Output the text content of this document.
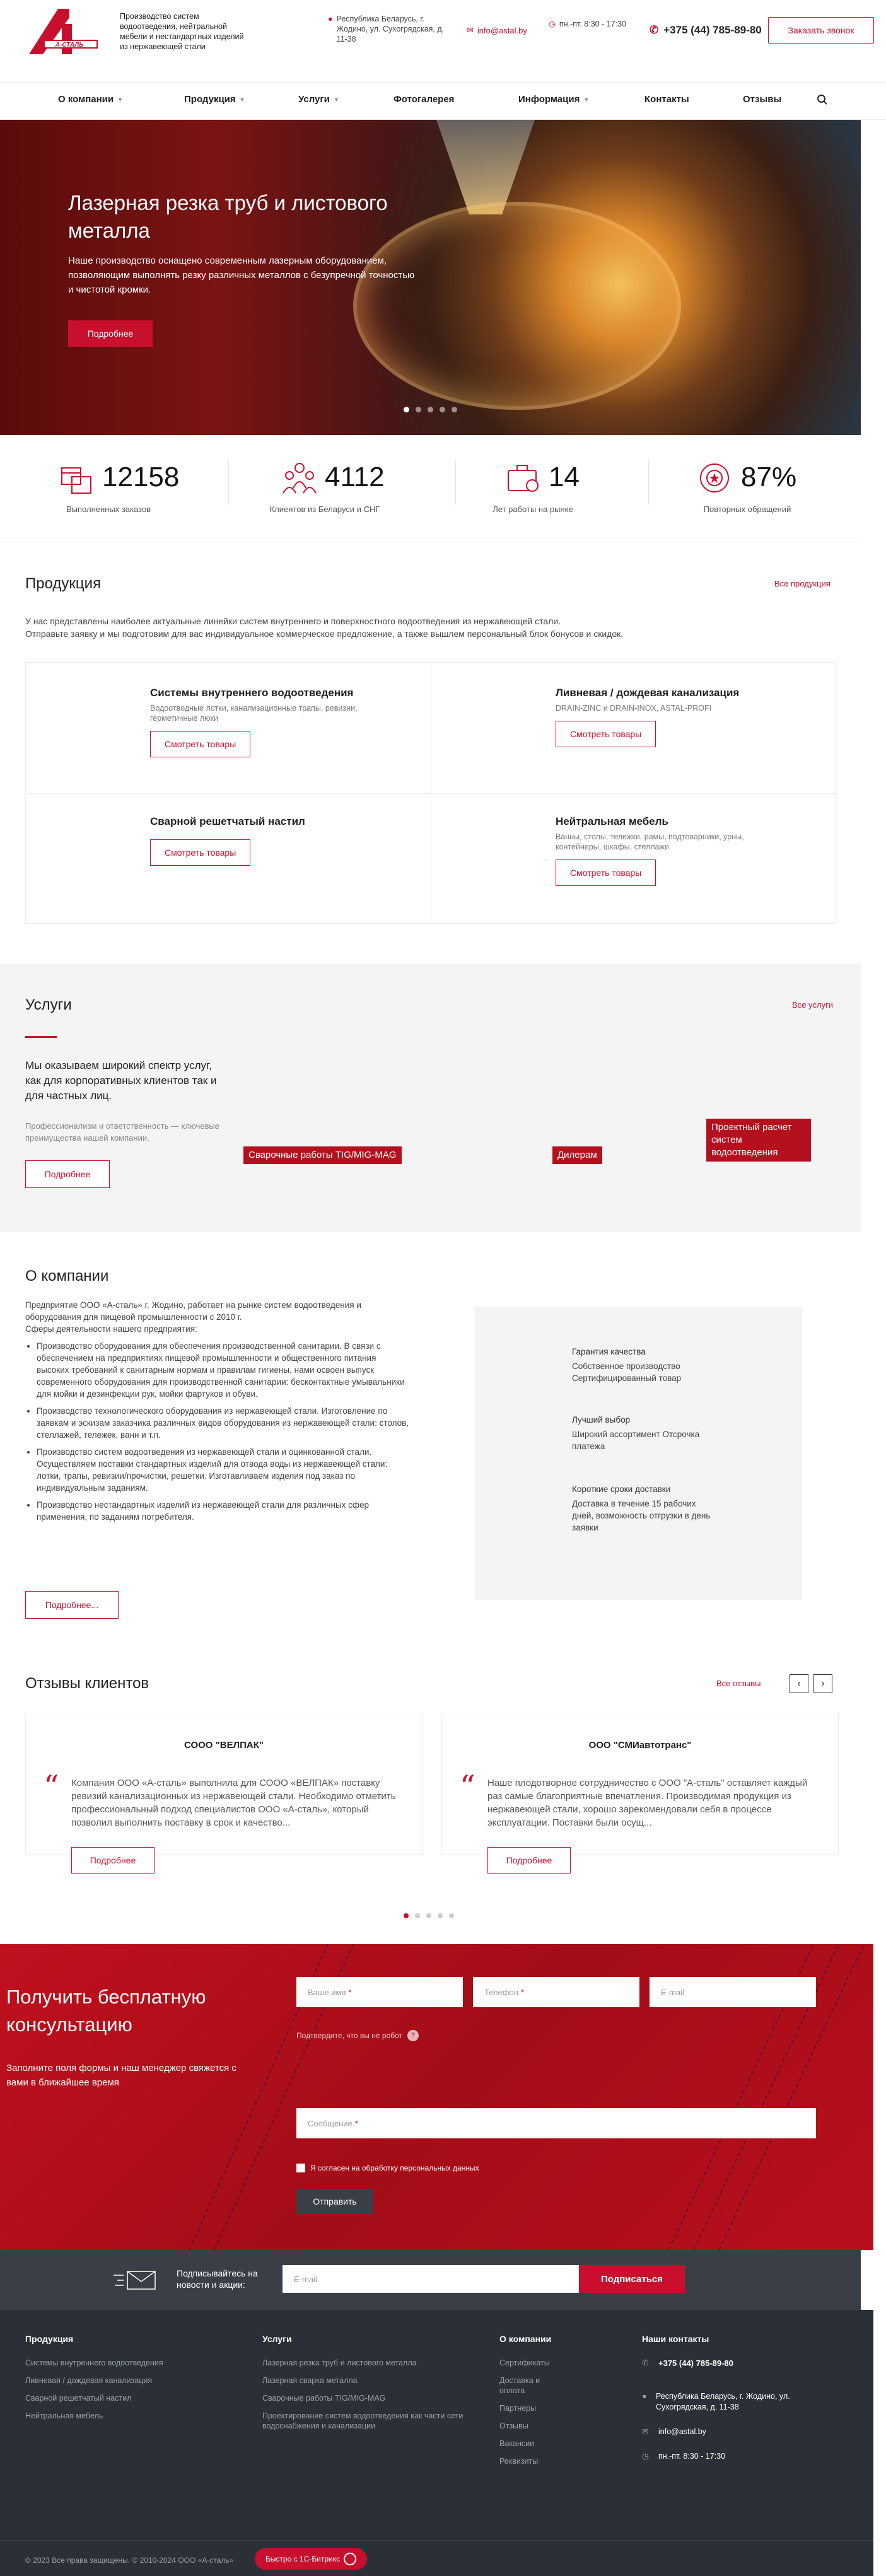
А-СТАЛЬ
Производство систем водоотведения, нейтральной мебели и нестандартных изделий из нержавеющей стали
● Республика Беларусь, г. Жодино, ул. Сухогрядская, д. 11-38
✉ info@astal.by
◷ пн.-пт. 8:30 - 17:30 ✆ +375 (44) 785-89-80	Заказать звонок
О компании ▼	Продукция ▼	Услуги ▼	Фотогалерея	Информация ▼	Контакты	Отзывы
Лазерная резка труб и листового металла
Наше производство оснащено современным лазерным оборудованием, позволяющим выполнять резку различных металлов с безупречной точностью и чистотой кромки.
Подробнее
12158
Выполненных заказов
4112
Клиентов из Беларуси и СНГ
14
Лет работы на рынке
87%
Повторных обращений
Продукция	Все продукция
У нас представлены наиболее актуальные линейки систем внутреннего и поверхностного водоотведения из нержавеющей стали.
Отправьте заявку и мы подготовим для вас индивидуальное коммерческое предложение, а также вышлем персональный блок бонусов и скидок.
Системы внутреннего водоотведения
Водоотводные лотки, канализационные трапы, ревизии, герметичные люки
Смотреть товары
Ливневая / дождевая канализация
DRAIN-ZINC и DRAIN-INOX, ASTAL-PROFI
Смотреть товары
Сварной решетчатый настил
Смотреть товары
Нейтральная мебель
Ванны, столы, тележки, рамы, подтоварники, урны, контейнеры, шкафы, стеллажи
Смотреть товары
Услуги	Все услуги
Мы оказываем широкий спектр услуг, как для корпоративных клиентов так и для частных лиц.
Профессионализм и ответственность — ключевые преимущества нашей компании.
Подробнее
Сварочные работы TIG/MIG-MAG	Дилерам
Проектный расчет систем водоотведения
О компании
Предприятие ООО «А-сталь» г. Жодино, работает на рынке систем водоотведения и оборудования для пищевой промышленности с 2010 г.
Сферы деятельности нашего предприятия:
• Производство оборудования для обеспечения производственной санитарии. В связи с обеспечением на предприятиях пищевой промышленности и общественного питания высоких требований к санитарным нормам и правилам гигиены, нами освоен выпуск современного оборудования для производственной санитарии: бесконтактные умывальники для мойки и дезинфекции рук, мойки фартуков и обуви.
• Производство технологического оборудования из нержавеющей стали. Изготовление по заявкам и эскизам заказчика различных видов оборудования из нержавеющей стали: столов, стеллажей, тележек, ванн и т.п.
• Производство систем водоотведения из нержавеющей стали и оцинкованной стали. Осуществляем поставки стандартных изделий для отвода воды из нержавеющей стали: лотки, трапы, ревизии/прочистки, решетки. Изготавливаем изделия под заказ по индивидуальным заданиям.
• Производство нестандартных изделий из нержавеющей стали для различных сфер применения, по заданиям потребителя.
Подробнее...
Гарантия качества
Собственное производство
Сертифицированный товар
Лучший выбор
Широкий ассортимент Отсрочка платежа
Короткие сроки доставки
Доставка в течение 15 рабочих дней, возможность отгрузки в день заявки
Отзывы клиентов	Все отзывы	‹	›
СООО "ВЕЛПАК"
“ Компания ООО «А-сталь» выполнила для СООО «ВЕЛПАК» поставку ревизий канализационных из нержавеющей стали. Необходимо отметить профессиональный подход специалистов ООО «А-сталь», который позволил выполнить поставку в срок и качество...
Подробнее
ООО "СМИавтотранс"
“ Наше плодотворное сотрудничество с ООО "А-сталь" оставляет каждый раз самые благоприятные впечатления. Производимая продукция из нержавеющей стали, хорошо зарекомендовали себя в процессе эксплуатации. Поставки были осущ...
Подробнее
Получить бесплатную консультацию
Заполните поля формы и наш менеджер свяжется с вами в ближайшее время
Ваше имя *	Телефон *	E-mail
Подтвердите, что вы не робот	?
Сообщение *
Я согласен на обработку персональных данных
Отправить
Подписывайтесь на новости и акции:
E-mail	Подписаться
Продукция
Системы внутреннего водоотведения
Ливневая / дождевая канализация
Сварной решетчатый настил
Нейтральная мебель
Услуги
Лазерная резка труб и листового металла
Лазерная сварка металла
Сварочные работы TIG/MIG-MAG
Проектирование систем водоотведения как части сети водоснабжения и канализации
О компании
Сертификаты
Доставка и оплата
Партнеры
Отзывы
Вакансии
Реквизиты
Наши контакты
✆ +375 (44) 785-89-80
● Республика Беларусь, г. Жодино, ул. Сухогрядская, д. 11-38
✉ info@astal.by
◷ пн.-пт. 8:30 - 17:30
© 2023 Все права защищены. © 2010-2024 ООО «А-сталь»	Быстро с 1С-Битрикс
